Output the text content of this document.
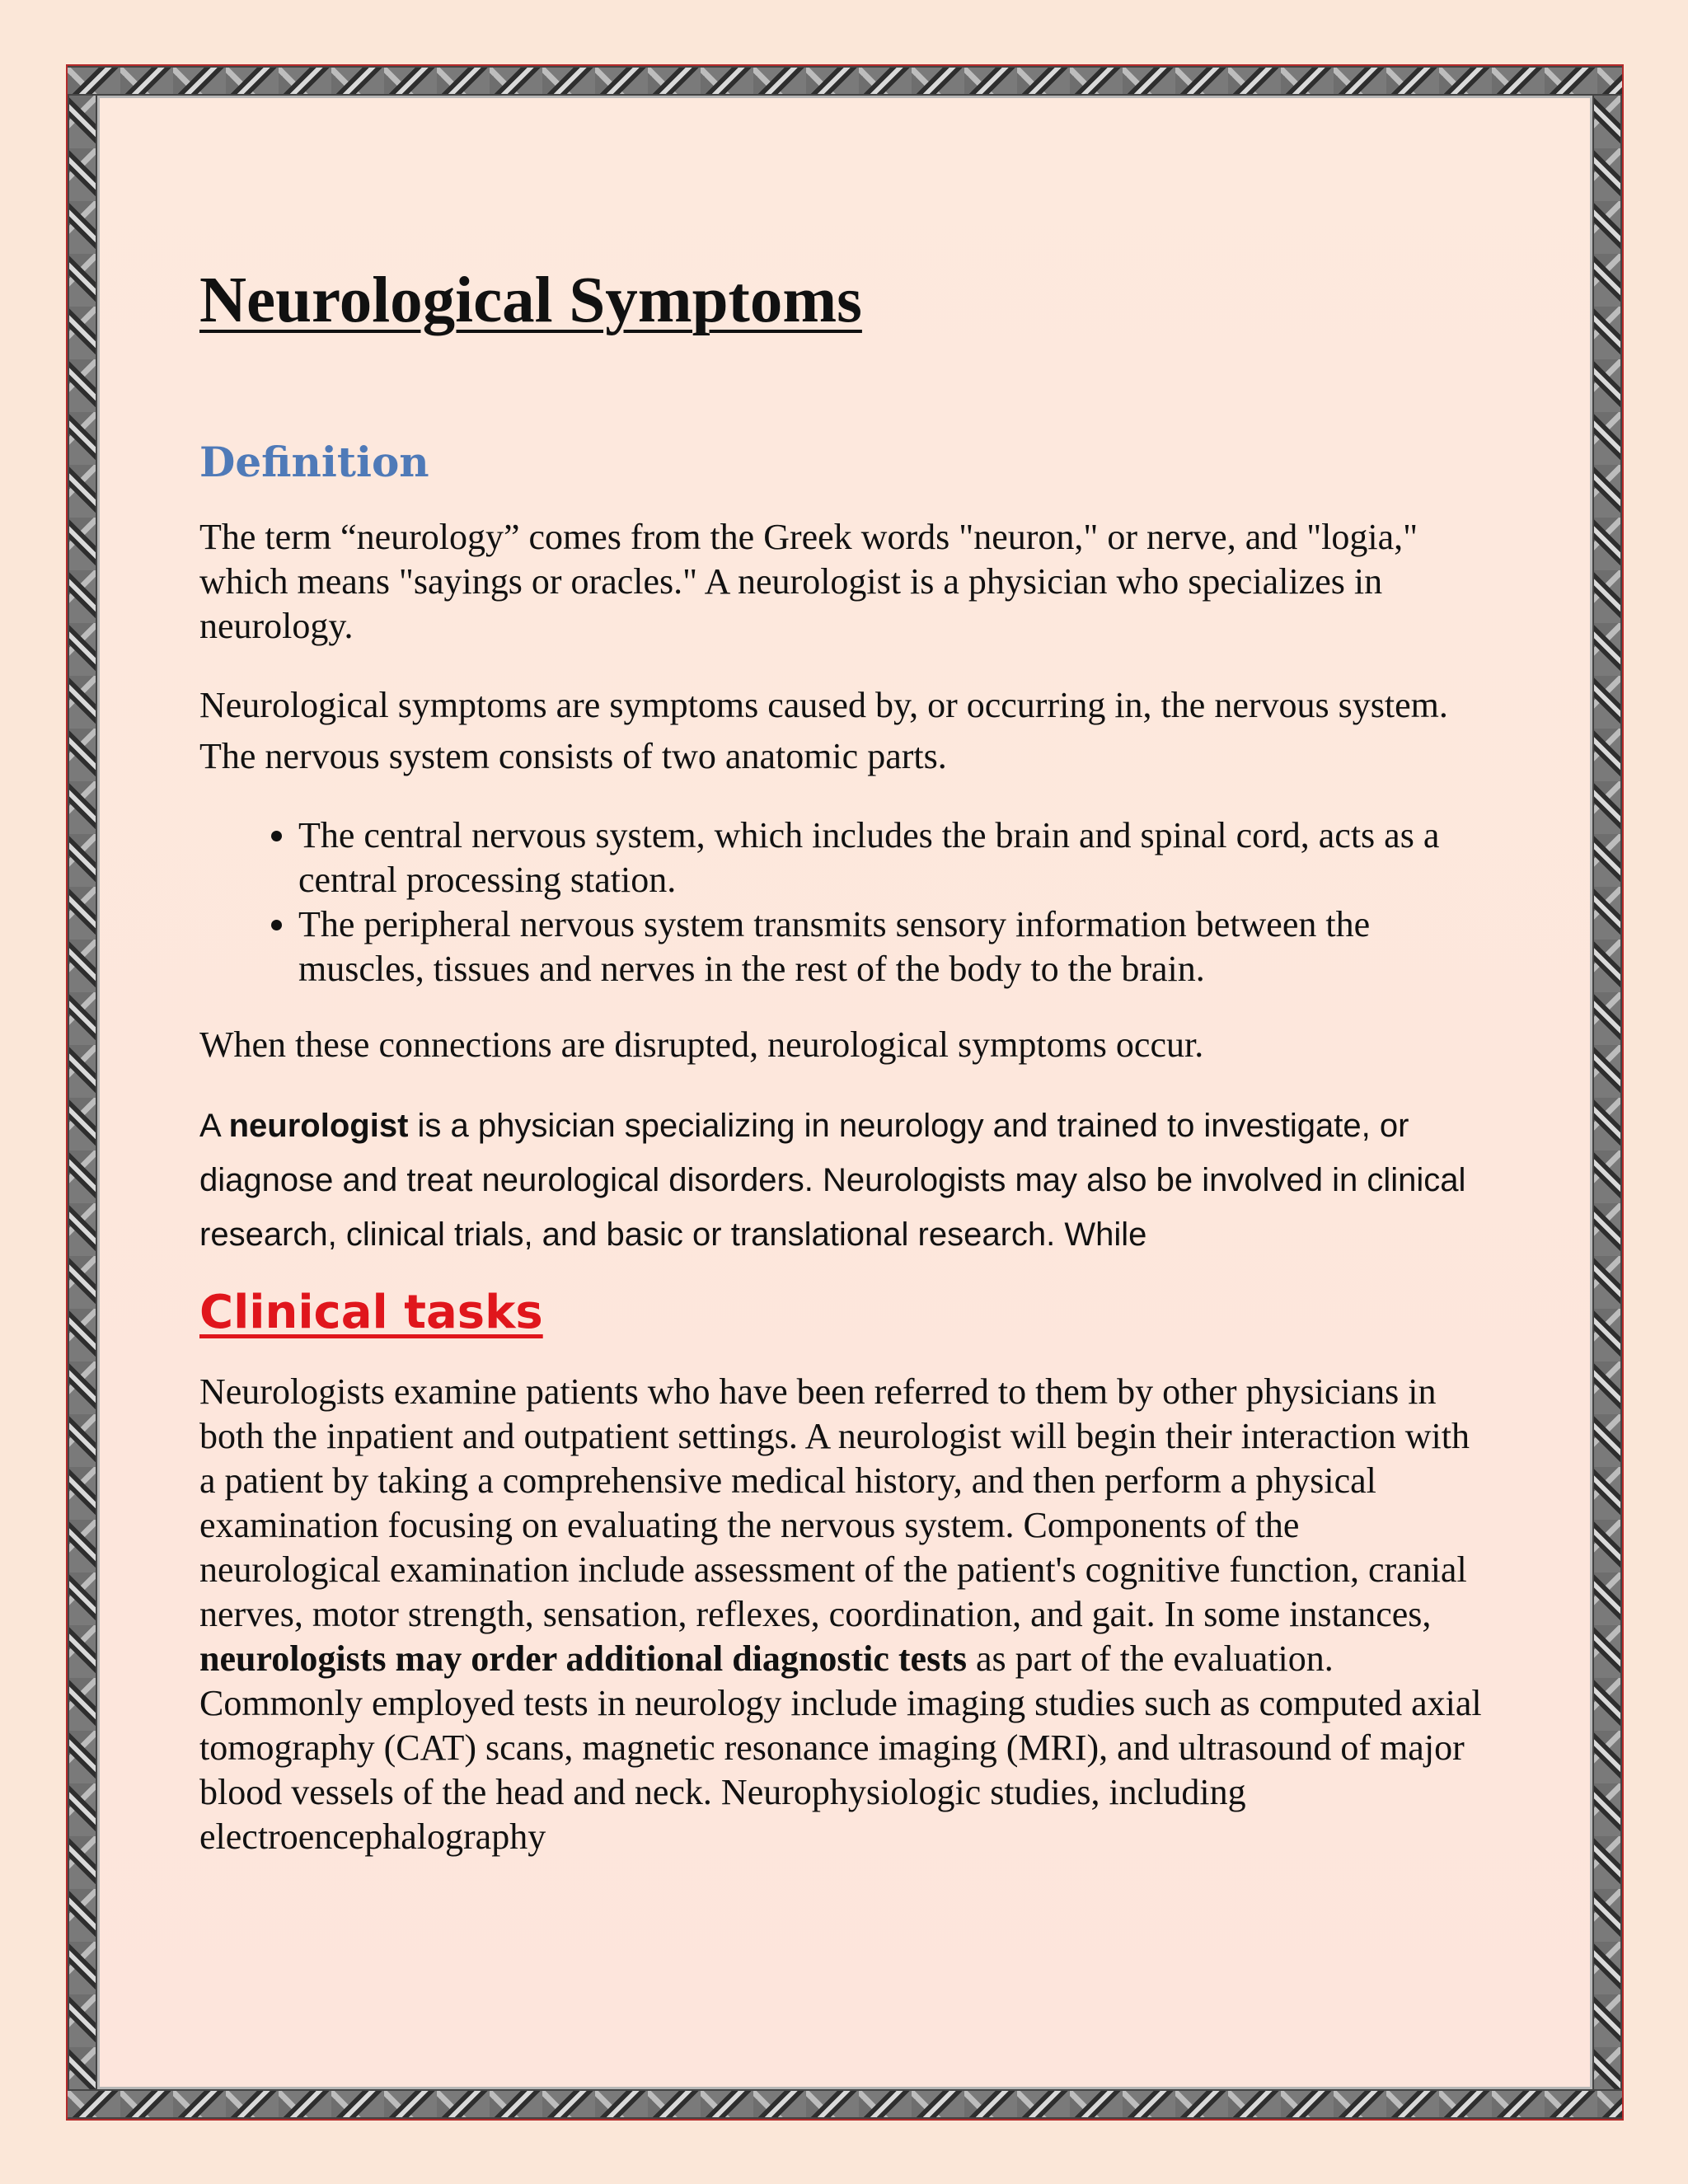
Neurological Symptoms
Definition

The term “neurology” comes from the Greek words "neuron," or nerve, and "logia," which means "sayings or oracles." A neurologist is a physician who specializes in neurology.

Neurological symptoms are symptoms caused by, or occurring in, the nervous system. The nervous system consists of two anatomic parts.

• The central nervous system, which includes the brain and spinal cord, acts as a central processing station.
• The peripheral nervous system transmits sensory information between the muscles, tissues and nerves in the rest of the body to the brain.

When these connections are disrupted, neurological symptoms occur.

A neurologist is a physician specializing in neurology and trained to investigate, or diagnose and treat neurological disorders. Neurologists may also be involved in clinical research, clinical trials, and basic or translational research. While

Clinical tasks

Neurologists examine patients who have been referred to them by other physicians in both the inpatient and outpatient settings. A neurologist will begin their interaction with a patient by taking a comprehensive medical history, and then perform a physical examination focusing on evaluating the nervous system. Components of the neurological examination include assessment of the patient's cognitive function, cranial nerves, motor strength, sensation, reflexes, coordination, and gait. In some instances, neurologists may order additional diagnostic tests as part of the evaluation. Commonly employed tests in neurology include imaging studies such as computed axial tomography (CAT) scans, magnetic resonance imaging (MRI), and ultrasound of major blood vessels of the head and neck. Neurophysiologic studies, including electroencephalography
